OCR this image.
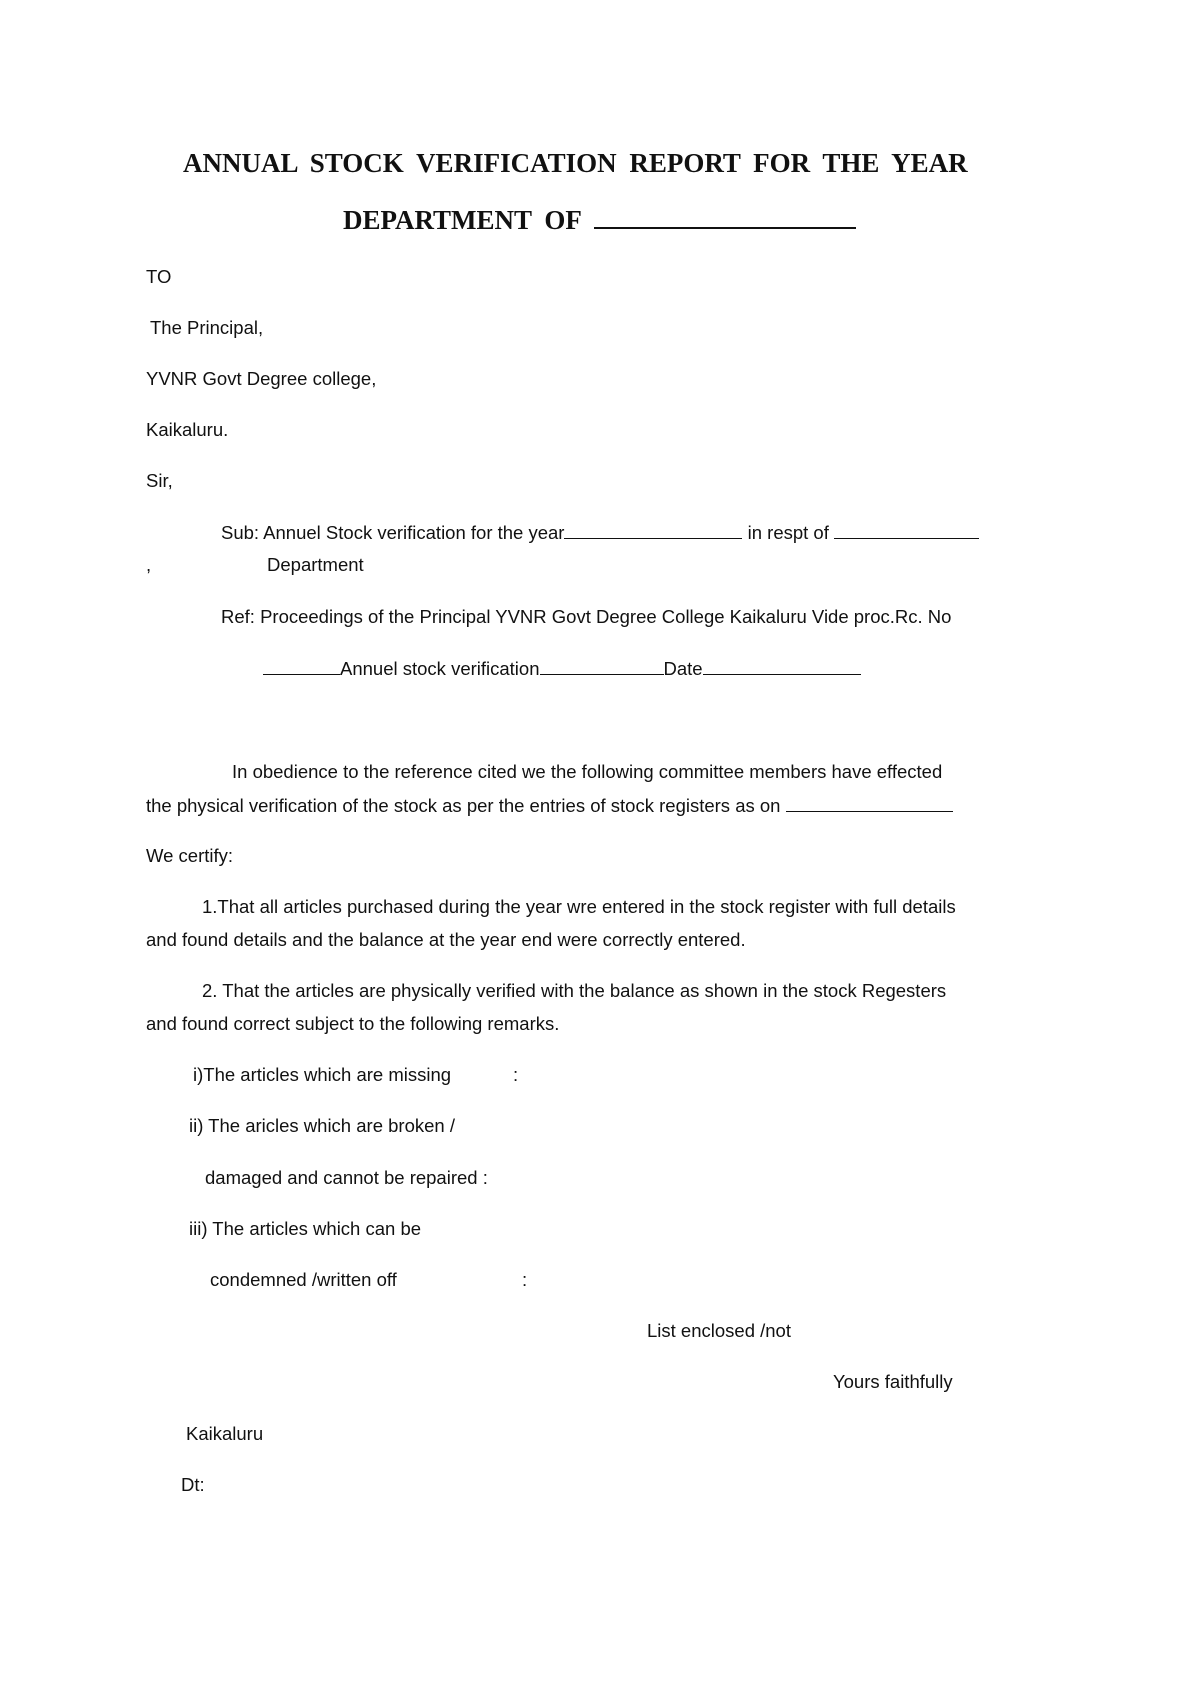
ANNUAL STOCK VERIFICATION REPORT FOR THE YEAR
DEPARTMENT OF
TO
The Principal,
YVNR Govt Degree college,
Kaikaluru.
Sir,
Sub: Annuel Stock verification for the year	in respt of
,	Department
Ref: Proceedings of the Principal YVNR Govt Degree College Kaikaluru Vide proc.Rc. No
Annuel stock verification	Date
In obedience to the reference cited we the following committee members have effected
the physical verification of the stock as per the entries of stock registers as on
We certify:
1.That all articles purchased during the year wre entered in the stock register with full details
and found details and the balance at the year end were correctly entered.
2. That the articles are physically verified with the balance as shown in the stock Regesters
and found correct subject to the following remarks.
i)The articles which are missing	:
ii) The aricles which are broken /
damaged and cannot be repaired :
iii) The articles which can be
condemned /written off	:
List enclosed /not
Yours faithfully
Kaikaluru
Dt:
